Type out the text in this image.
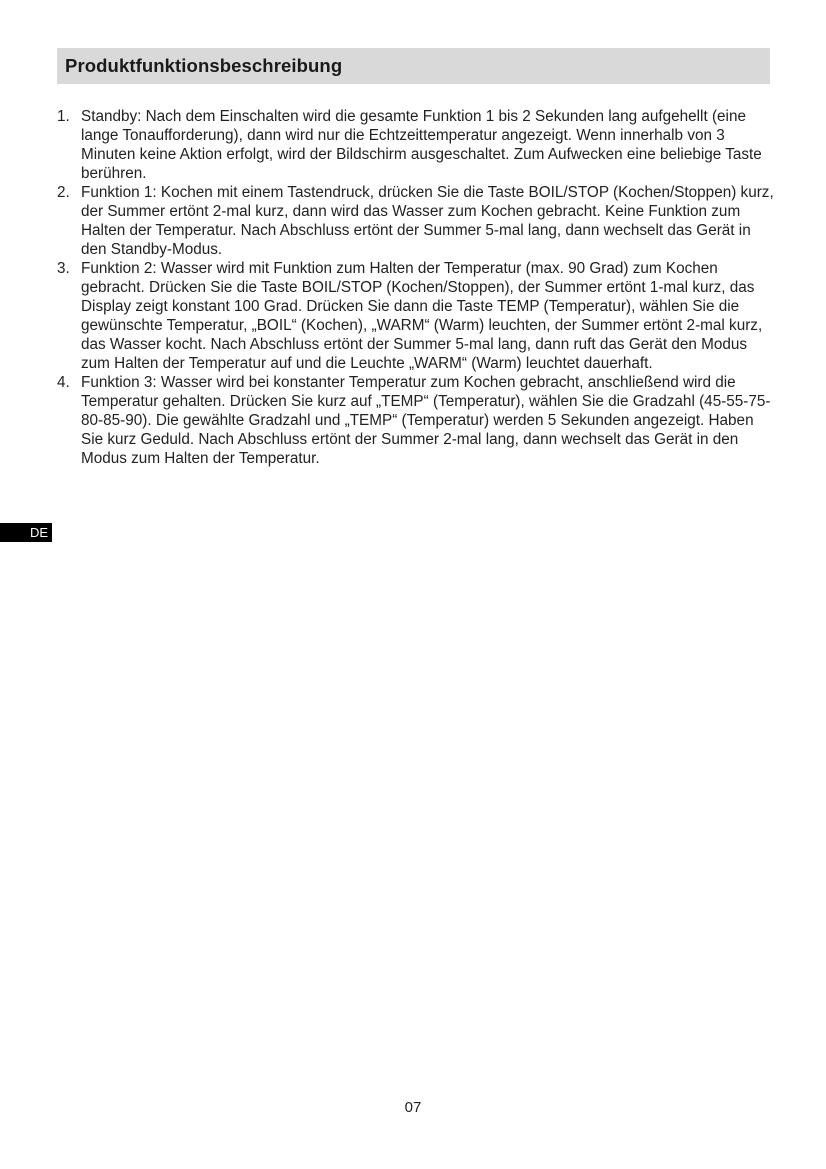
Produktfunktionsbeschreibung
1. Standby: Nach dem Einschalten wird die gesamte Funktion 1 bis 2 Sekunden lang aufgehellt (eine lange Tonaufforderung), dann wird nur die Echtzeittemperatur angezeigt. Wenn innerhalb von 3 Minuten keine Aktion erfolgt, wird der Bildschirm ausgeschaltet. Zum Aufwecken eine beliebige Taste berühren.
2. Funktion 1: Kochen mit einem Tastendruck, drücken Sie die Taste BOIL/STOP (Kochen/Stoppen) kurz, der Summer ertönt 2-mal kurz, dann wird das Wasser zum Kochen gebracht. Keine Funktion zum Halten der Temperatur. Nach Abschluss ertönt der Summer 5-mal lang, dann wechselt das Gerät in den Standby-Modus.
3. Funktion 2: Wasser wird mit Funktion zum Halten der Temperatur (max. 90 Grad) zum Kochen gebracht. Drücken Sie die Taste BOIL/STOP (Kochen/Stoppen), der Summer ertönt 1-mal kurz, das Display zeigt konstant 100 Grad. Drücken Sie dann die Taste TEMP (Temperatur), wählen Sie die gewünschte Temperatur, „BOIL“ (Kochen), „WARM“ (Warm) leuchten, der Summer ertönt 2-mal kurz, das Wasser kocht. Nach Abschluss ertönt der Summer 5-mal lang, dann ruft das Gerät den Modus zum Halten der Temperatur auf und die Leuchte „WARM“ (Warm) leuchtet dauerhaft.
4. Funktion 3: Wasser wird bei konstanter Temperatur zum Kochen gebracht, anschließend wird die Temperatur gehalten. Drücken Sie kurz auf „TEMP“ (Temperatur), wählen Sie die Gradzahl (45-55-75-80-85-90). Die gewählte Gradzahl und „TEMP“ (Temperatur) werden 5 Sekunden angezeigt. Haben Sie kurz Geduld. Nach Abschluss ertönt der Summer 2-mal lang, dann wechselt das Gerät in den Modus zum Halten der Temperatur.
DE
07
